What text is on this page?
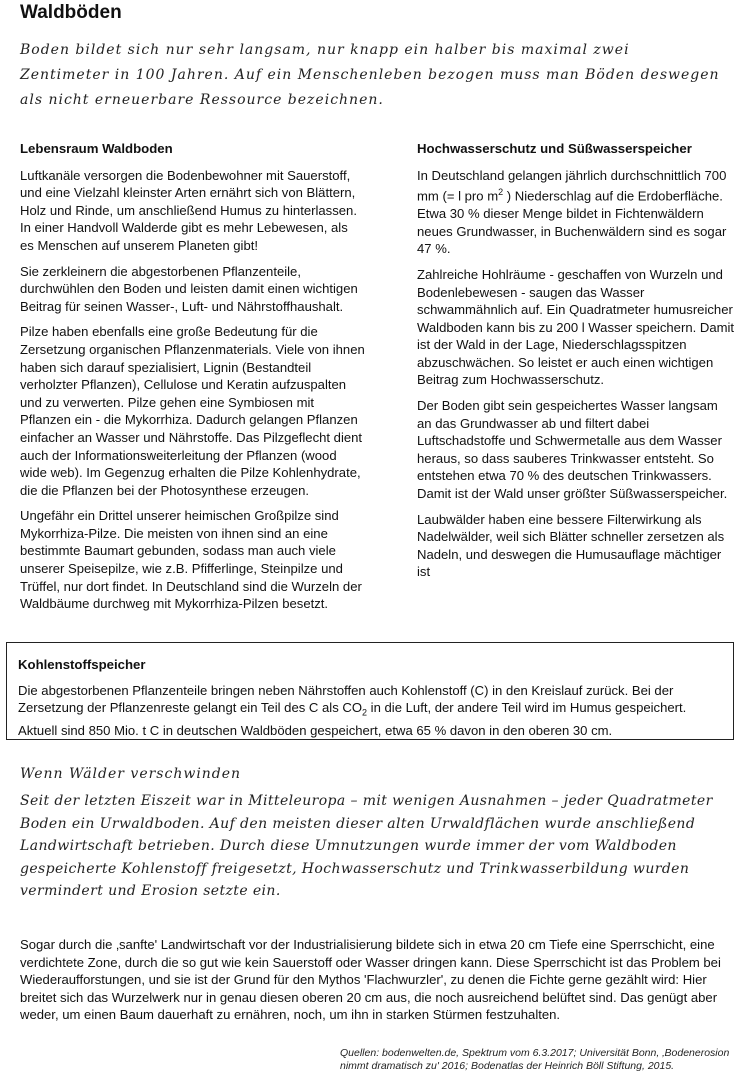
Waldböden
Boden bildet sich nur sehr langsam, nur knapp ein halber bis maximal zwei Zentimeter in 100 Jahren. Auf ein Menschenleben bezogen muss man Böden deswegen als nicht erneuerbare Ressource bezeichnen.
Lebensraum Waldboden

Luftkanäle versorgen die Bodenbewohner mit Sauerstoff, und eine Vielzahl kleinster Arten ernährt sich von Blättern, Holz und Rinde, um anschließend Humus zu hinterlassen. In einer Handvoll Walderde gibt es mehr Lebewesen, als es Menschen auf unserem Planeten gibt!

Sie zerkleinern die abgestorbenen Pflanzenteile, durchwühlen den Boden und leisten damit einen wichtigen Beitrag für seinen Wasser-, Luft- und Nährstoffhaushalt.

Pilze haben ebenfalls eine große Bedeutung für die Zersetzung organischen Pflanzenmaterials. Viele von ihnen haben sich darauf spezialisiert, Lignin (Bestandteil verholzter Pflanzen), Cellulose und Keratin aufzuspalten und zu verwerten. Pilze gehen eine Symbiosen mit Pflanzen ein - die Mykorrhiza. Dadurch gelangen Pflanzen einfacher an Wasser und Nährstoffe. Das Pilzgeflecht dient auch der Informationsweiterleitung der Pflanzen (wood wide web). Im Gegenzug erhalten die Pilze Kohlenhydrate, die die Pflanzen bei der Photosynthese erzeugen.

Ungefähr ein Drittel unserer heimischen Großpilze sind Mykorrhiza-Pilze. Die meisten von ihnen sind an eine bestimmte Baumart gebunden, sodass man auch viele unserer Speisepilze, wie z.B. Pfifferlinge, Steinpilze und Trüffel, nur dort findet. In Deutschland sind die Wurzeln der Waldbäume durchweg mit Mykorrhiza-Pilzen besetzt.

Hochwasserschutz und Süßwasserspeicher

In Deutschland gelangen jährlich durchschnittlich 700 mm (= l pro $m^2$ ) Niederschlag auf die Erdoberfläche. Etwa 30 % dieser Menge bildet in Fichtenwäldern neues Grundwasser, in Buchenwäldern sind es sogar 47 %.

Zahlreiche Hohlräume - geschaffen von Wurzeln und Bodenlebewesen - saugen das Wasser schwammähnlich auf. Ein Quadratmeter humusreicher Waldboden kann bis zu 200 l Wasser speichern. Damit ist der Wald in der Lage, Niederschlagsspitzen abzuschwächen. So leistet er auch einen wichtigen Beitrag zum Hochwasserschutz.

Der Boden gibt sein gespeichertes Wasser langsam an das Grundwasser ab und filtert dabei Luftschadstoffe und Schwermetalle aus dem Wasser heraus, so dass sauberes Trinkwasser entsteht. So entstehen etwa 70 % des deutschen Trinkwassers. Damit ist der Wald unser größter Süßwasserspeicher.

Laubwälder haben eine bessere Filterwirkung als Nadelwälder, weil sich Blätter schneller zersetzen als Nadeln, und deswegen die Humusauflage mächtiger ist

Kohlenstoffspeicher
Die abgestorbenen Pflanzenteile bringen neben Nährstoffen auch Kohlenstoff (C) in den Kreislauf zurück. Bei der Zersetzung der Pflanzenreste gelangt ein Teil des C als $CO_2$ in die Luft, der andere Teil wird im Humus gespeichert. Aktuell sind 850 Mio. t C in deutschen Waldböden gespeichert, etwa 65 % davon in den oberen 30 cm.
Wenn Wälder verschwinden
Seit der letzten Eiszeit war in Mitteleuropa – mit wenigen Ausnahmen – jeder Quadratmeter Boden ein Urwaldboden. Auf den meisten dieser alten Urwaldflächen wurde anschließend Landwirtschaft betrieben. Durch diese Umnutzungen wurde immer der vom Waldboden gespeicherte Kohlenstoff freigesetzt, Hochwasserschutz und Trinkwasserbildung wurden vermindert und Erosion setzte ein.
Sogar durch die ‚sanfte' Landwirtschaft vor der Industrialisierung bildete sich in etwa 20 cm Tiefe eine Sperrschicht, eine verdichtete Zone, durch die so gut wie kein Sauerstoff oder Wasser dringen kann. Diese Sperrschicht ist das Problem bei Wiederaufforstungen, und sie ist der Grund für den Mythos 'Flachwurzler', zu denen die Fichte gerne gezählt wird: Hier breitet sich das Wurzelwerk nur in genau diesen oberen 20 cm aus, die noch ausreichend belüftet sind. Das genügt aber weder, um einen Baum dauerhaft zu ernähren, noch, um ihn in starken Stürmen festzuhalten.
Quellen: bodenwelten.de, Spektrum vom 6.3.2017; Universität Bonn, ‚Bodenerosion nimmt dramatisch zu' 2016; Bodenatlas der Heinrich Böll Stiftung, 2015.
